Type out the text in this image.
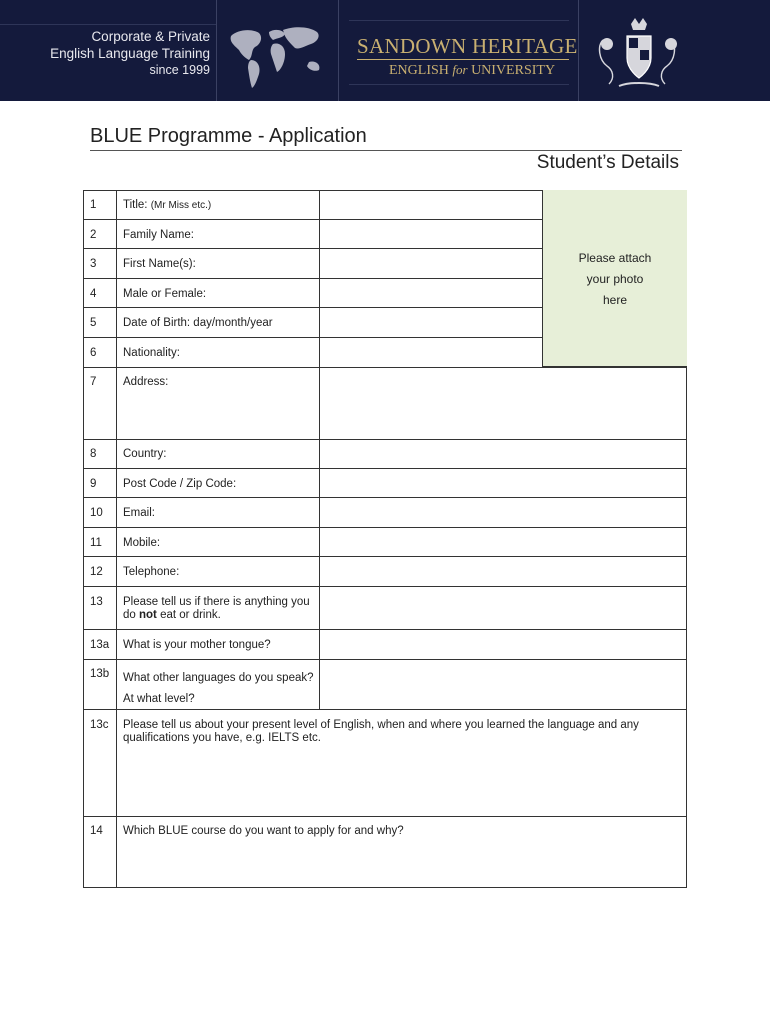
Corporate & Private
English Language Training
since 1999
SANDOWN HERITAGE
ENGLISH for UNIVERSITY
BLUE Programme - Application
Student’s Details
Please attach
your photo
here
1 Title: (Mr Miss etc.)
2 Family Name:
3 First Name(s):
4 Male or Female:
5 Date of Birth: day/month/year
6 Nationality:
7 Address:
8 Country:
9 Post Code / Zip Code:
10 Email:
11 Mobile:
12 Telephone:
13 Please tell us if there is anything you
do not eat or drink.
13a What is your mother tongue?
13b What other languages do you speak?
At what level?
13c Please tell us about your present level of English, when and where you learned the language and any
qualifications you have, e.g. IELTS etc.
14 Which BLUE course do you want to apply for and why?
